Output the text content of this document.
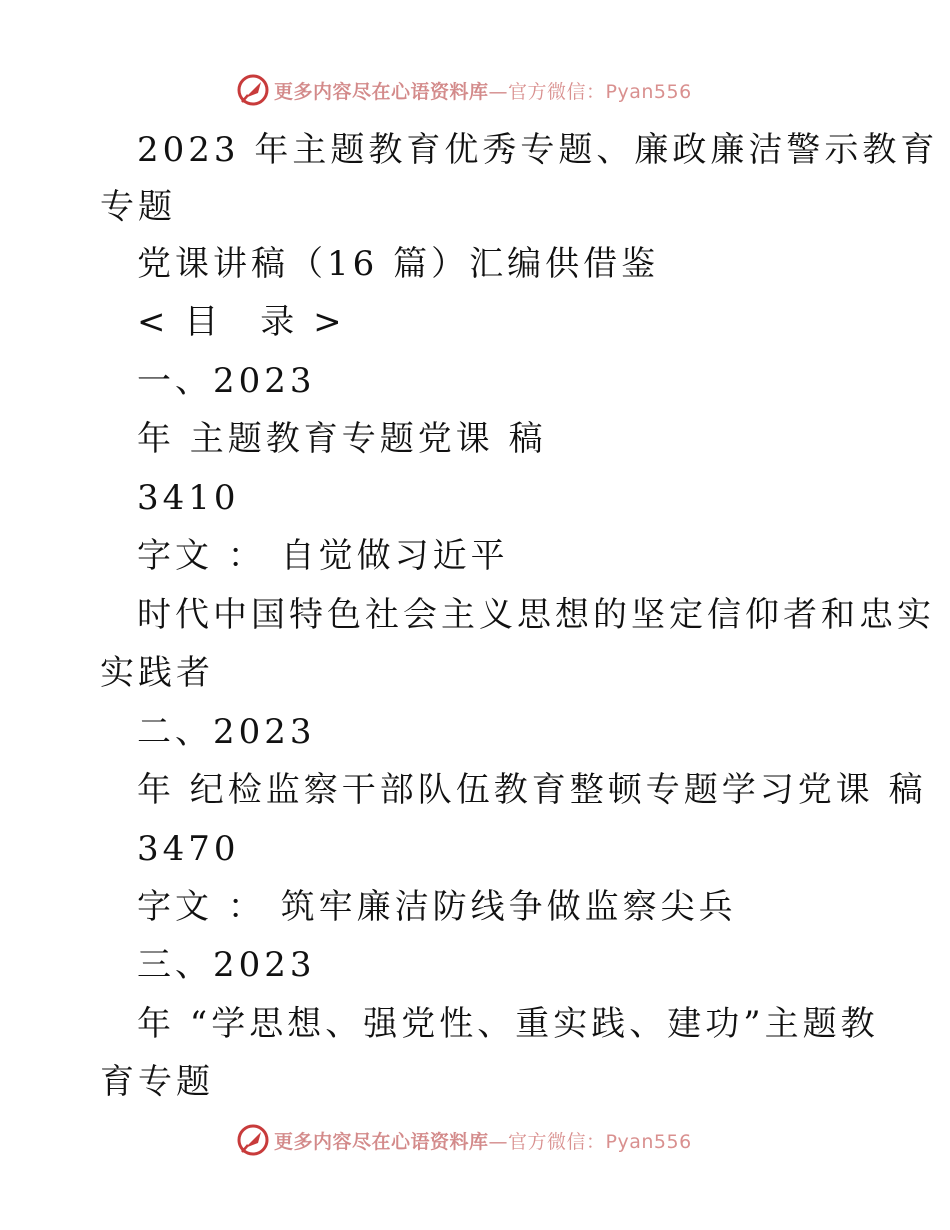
更多内容尽在心语资料库—官方微信：Pyan556
2023 年主题教育优秀专题、廉政廉洁警示教育
专题
党课讲稿（16 篇）汇编供借鉴
< 目　录 >
一、2023
年 主题教育专题党课 稿
3410
字文 ： 自觉做习近平
时代中国特色社会主义思想的坚定信仰者和忠实
实践者
二、2023
年 纪检监察干部队伍教育整顿专题学习党课 稿
3470
字文 ： 筑牢廉洁防线争做监察尖兵
三、2023
年 “学思想、强党性、重实践、建功”主题教
育专题
更多内容尽在心语资料库—官方微信：Pyan556
